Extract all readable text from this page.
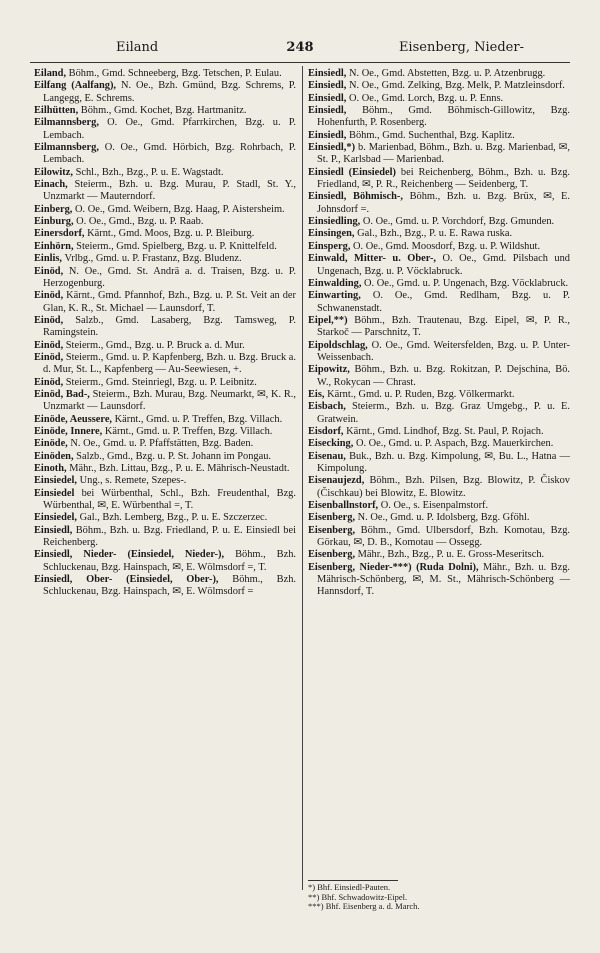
Eiland	248	Eisenberg, Nieder-

Eiland, Böhm., Gmd. Schneeberg, Bzg. Tetschen, P. Eulau.

Eilfang (Aalfang), N. Oe., Bzh. Gmünd, Bzg. Schrems, P. Langegg, E. Schrems.

Eilhütten, Böhm., Gmd. Kochet, Bzg. Hartmanitz.

Eilmannsberg, O. Oe., Gmd. Pfarrkirchen, Bzg. u. P. Lembach.

Eilmannsberg, O. Oe., Gmd. Hörbich, Bzg. Rohrbach, P. Lembach.

Eilowitz, Schl., Bzh., Bzg., P. u. E. Wagstadt.

Einach, Steierm., Bzh. u. Bzg. Murau, P. Stadl, St. Y., Unzmarkt — Mauterndorf.

Einberg, O. Oe., Gmd. Weibern, Bzg. Haag, P. Aistersheim.

Einburg, O. Oe., Gmd., Bzg. u. P. Raab.

Einersdorf, Kärnt., Gmd. Moos, Bzg. u. P. Bleiburg.

Einhörn, Steierm., Gmd. Spielberg, Bzg. u. P. Knittelfeld.

Einlis, Vrlbg., Gmd. u. P. Frastanz, Bzg. Bludenz.

Einöd, N. Oe., Gmd. St. Andrä a. d. Traisen, Bzg. u. P. Herzogenburg.

Einöd, Kärnt., Gmd. Pfannhof, Bzh., Bzg. u. P. St. Veit an der Glan, K. R., St. Michael — Launsdorf, T.

Einöd, Salzb., Gmd. Lasaberg, Bzg. Tamsweg, P. Ramingstein.

Einöd, Steierm., Gmd., Bzg. u. P. Bruck a. d. Mur.

Einöd, Steierm., Gmd. u. P. Kapfenberg, Bzh. u. Bzg. Bruck a. d. Mur, St. L., Kapfenberg — Au-Seewiesen, +.

Einöd, Steierm., Gmd. Steinriegl, Bzg. u. P. Leibnitz.

Einöd, Bad-, Steierm., Bzh. Murau, Bzg. Neumarkt, ✉, K. R., Unzmarkt — Launsdorf.

Einöde, Aeussere, Kärnt., Gmd. u. P. Treffen, Bzg. Villach.

Einöde, Innere, Kärnt., Gmd. u. P. Treffen, Bzg. Villach.

Einöde, N. Oe., Gmd. u. P. Pfaffstätten, Bzg. Baden.

Einöden, Salzb., Gmd., Bzg. u. P. St. Johann im Pongau.

Einoth, Mähr., Bzh. Littau, Bzg., P. u. E. Mährisch-Neustadt.

Einsiedel, Ung., s. Remete, Szepes-.

Einsiedel bei Würbenthal, Schl., Bzh. Freudenthal, Bzg. Würbenthal, ✉, E. Würbenthal =, T.

Einsiedel, Gal., Bzh. Lemberg, Bzg., P. u. E. Szczerzec.

Einsiedl, Böhm., Bzh. u. Bzg. Friedland, P. u. E. Einsiedl bei Reichenberg.

Einsiedl, Nieder- (Einsiedel, Nieder-), Böhm., Bzh. Schluckenau, Bzg. Hainspach, ✉, E. Wölmsdorf =, T.

Einsiedl, Ober- (Einsiedel, Ober-), Böhm., Bzh. Schluckenau, Bzg. Hainspach, ✉, E. Wölmsdorf =

Einsiedl, N. Oe., Gmd. Abstetten, Bzg. u. P. Atzenbrugg.

Einsiedl, N. Oe., Gmd. Zelking, Bzg. Melk, P. Matzleinsdorf.

Einsiedl, O. Oe., Gmd. Lorch, Bzg. u. P. Enns.

Einsiedl, Böhm., Gmd. Böhmisch-Gillowitz, Bzg. Hohenfurth, P. Rosenberg.

Einsiedl, Böhm., Gmd. Suchenthal, Bzg. Kaplitz.

Einsiedl,*) b. Marienbad, Böhm., Bzh. u. Bzg. Marienbad, ✉, St. P., Karlsbad — Marienbad.

Einsiedl (Einsiedel) bei Reichenberg, Böhm., Bzh. u. Bzg. Friedland, ✉, P. R., Reichenberg — Seidenberg, T.

Einsiedl, Böhmisch-, Böhm., Bzh. u. Bzg. Brüx, ✉, E. Johnsdorf =.

Einsiedling, O. Oe., Gmd. u. P. Vorchdorf, Bzg. Gmunden.

Einsingen, Gal., Bzh., Bzg., P. u. E. Rawa ruska.

Einsperg, O. Oe., Gmd. Moosdorf, Bzg. u. P. Wildshut.

Einwald, Mitter- u. Ober-, O. Oe., Gmd. Pilsbach und Ungenach, Bzg. u. P. Vöcklabruck.

Einwalding, O. Oe., Gmd. u. P. Ungenach, Bzg. Vöcklabruck.

Einwarting, O. Oe., Gmd. Redlham, Bzg. u. P. Schwanenstadt.

Eipel,**) Böhm., Bzh. Trautenau, Bzg. Eipel, ✉, P. R., Starkoč — Parschnitz, T.

Eipoldschlag, O. Oe., Gmd. Weitersfelden, Bzg. u. P. Unter-Weissenbach.

Eipowitz, Böhm., Bzh. u. Bzg. Rokitzan, P. Dejschina, Bö. W., Rokycan — Chrast.

Eis, Kärnt., Gmd. u. P. Ruden, Bzg. Völkermarkt.

Eisbach, Steierm., Bzh. u. Bzg. Graz Umgebg., P. u. E. Gratwein.

Eisdorf, Kärnt., Gmd. Lindhof, Bzg. St. Paul, P. Rojach.

Eisecking, O. Oe., Gmd. u. P. Aspach, Bzg. Mauerkirchen.

Eisenau, Buk., Bzh. u. Bzg. Kimpolung, ✉, Bu. L., Hatna — Kimpolung.

Eisenaujezd, Böhm., Bzh. Pilsen, Bzg. Blowitz, P. Čiskov (Čischkau) bei Blowitz, E. Blowitz.

Eisenballnstorf, O. Oe., s. Eisenpalmstorf.

Eisenberg, N. Oe., Gmd. u. P. Idolsberg, Bzg. Gföhl.

Eisenberg, Böhm., Gmd. Ulbersdorf, Bzh. Komotau, Bzg. Görkau, ✉, D. B., Komotau — Ossegg.

Eisenberg, Mähr., Bzh., Bzg., P. u. E. Gross-Meseritsch.

Eisenberg, Nieder-***) (Ruda Dolni), Mähr., Bzh. u. Bzg. Mährisch-Schönberg, ✉, M. St., Mährisch-Schönberg — Hannsdorf, T.

*) Bhf. Einsiedl-Pauten.
**) Bhf. Schwadowitz-Eipel.
***) Bhf. Eisenberg a. d. March.
